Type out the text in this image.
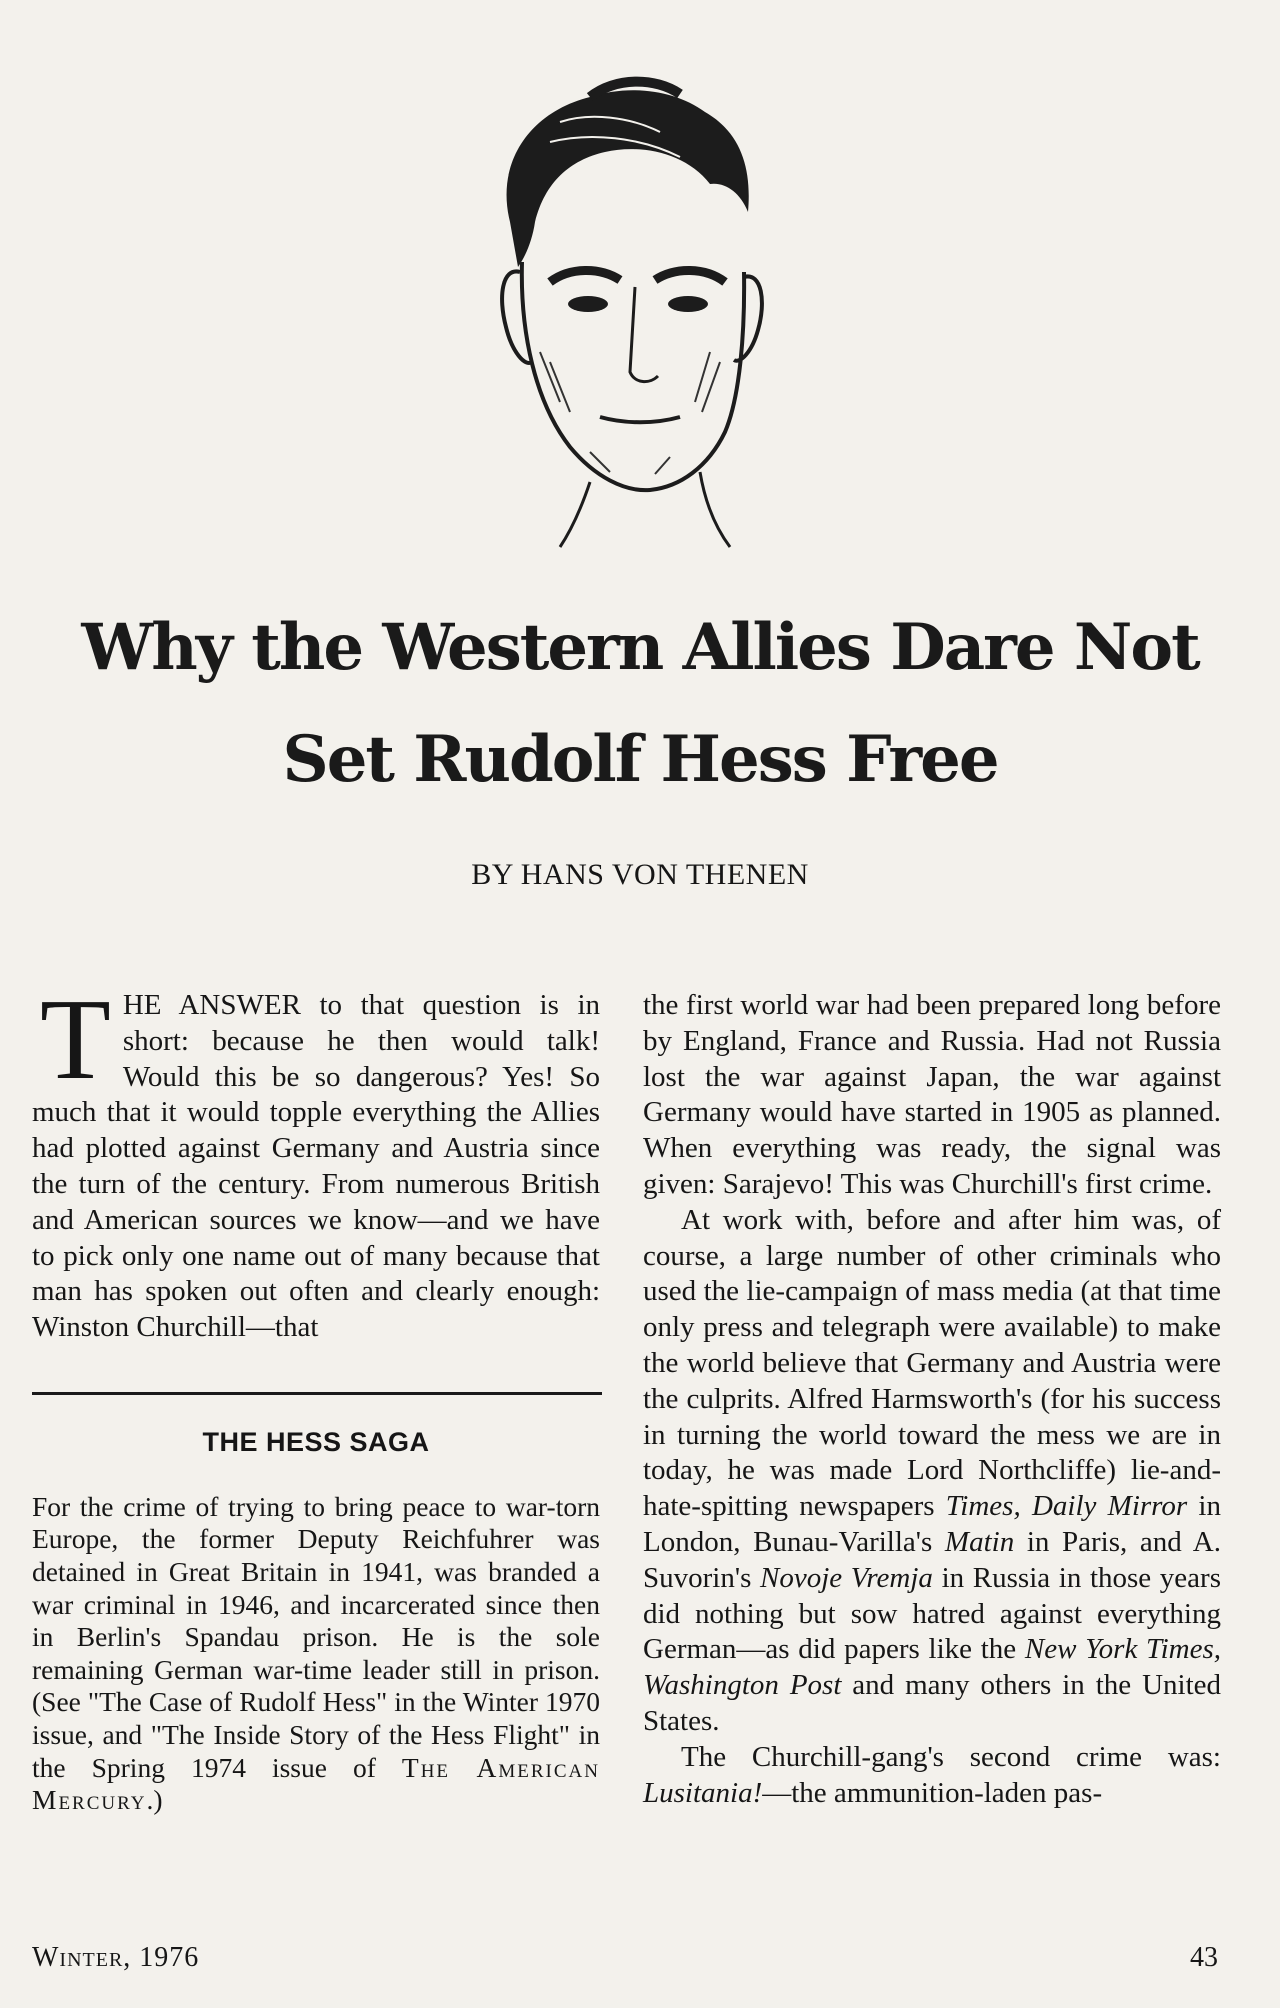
Why the Western Allies Dare Not
Set Rudolf Hess Free
BY HANS VON THENEN

THE ANSWER to that question is in short: because he then would talk! Would this be so dangerous? Yes! So much that it would topple everything the Allies had plotted against Germany and Austria since the turn of the century. From numerous British and American sources we know—and we have to pick only one name out of many because that man has spoken out often and clearly enough: Winston Churchill—that

THE HESS SAGA
For the crime of trying to bring peace to war-torn Europe, the former Deputy Reichfuhrer was detained in Great Britain in 1941, was branded a war criminal in 1946, and incarcerated since then in Berlin's Spandau prison. He is the sole remaining German war-time leader still in prison. (See "The Case of Rudolf Hess" in the Winter 1970 issue, and "The Inside Story of the Hess Flight" in the Spring 1974 issue of The American Mercury.)

the first world war had been prepared long before by England, France and Russia. Had not Russia lost the war against Japan, the war against Germany would have started in 1905 as planned. When everything was ready, the signal was given: Sarajevo! This was Churchill's first crime.

At work with, before and after him was, of course, a large number of other criminals who used the lie-campaign of mass media (at that time only press and telegraph were available) to make the world believe that Germany and Austria were the culprits. Alfred Harmsworth's (for his success in turning the world toward the mess we are in today, he was made Lord Northcliffe) lie-and-hate-spitting newspapers Times, Daily Mirror in London, Bunau-Varilla's Matin in Paris, and A. Suvorin's Novoje Vremja in Russia in those years did nothing but sow hatred against everything German—as did papers like the New York Times, Washington Post and many others in the United States.

The Churchill-gang's second crime was: Lusitania!—the ammunition-laden pas-

Winter, 1976	43
